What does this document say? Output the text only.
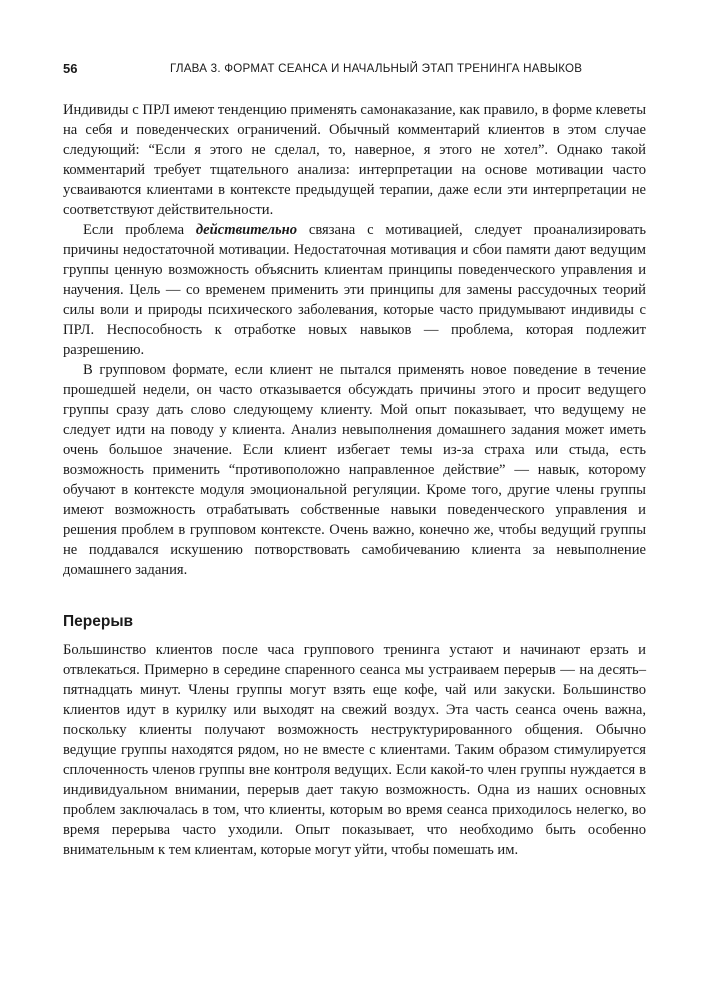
56	ГЛАВА 3. ФОРМАТ СЕАНСА И НАЧАЛЬНЫЙ ЭТАП ТРЕНИНГА НАВЫКОВ

Индивиды с ПРЛ имеют тенденцию применять самонаказание, как правило, в форме клеветы на себя и поведенческих ограничений. Обычный комментарий клиентов в этом случае следующий: “Если я этого не сделал, то, наверное, я этого не хотел”. Однако такой комментарий требует тщательного анализа: интерпретации на основе мотивации часто усваиваются клиентами в контексте предыдущей терапии, даже если эти интерпретации не соответствуют действительности.

Если проблема действительно связана с мотивацией, следует проанализировать причины недостаточной мотивации. Недостаточная мотивация и сбои памяти дают ведущим группы ценную возможность объяснить клиентам принципы поведенческого управления и научения. Цель — со временем применить эти принципы для замены рассудочных теорий силы воли и природы психического заболевания, которые часто придумывают индивиды с ПРЛ. Неспособность к отработке новых навыков — проблема, которая подлежит разрешению.

В групповом формате, если клиент не пытался применять новое поведение в течение прошедшей недели, он часто отказывается обсуждать причины этого и просит ведущего группы сразу дать слово следующему клиенту. Мой опыт показывает, что ведущему не следует идти на поводу у клиента. Анализ невыполнения домашнего задания может иметь очень большое значение. Если клиент избегает темы из-за страха или стыда, есть возможность применить “противоположно направленное действие” — навык, которому обучают в контексте модуля эмоциональной регуляции. Кроме того, другие члены группы имеют возможность отрабатывать собственные навыки поведенческого управления и решения проблем в групповом контексте. Очень важно, конечно же, чтобы ведущий группы не поддавался искушению потворствовать самобичеванию клиента за невыполнение домашнего задания.

Перерыв

Большинство клиентов после часа группового тренинга устают и начинают ерзать и отвлекаться. Примерно в середине спаренного сеанса мы устраиваем перерыв — на десять–пятнадцать минут. Члены группы могут взять еще кофе, чай или закуски. Большинство клиентов идут в курилку или выходят на свежий воздух. Эта часть сеанса очень важна, поскольку клиенты получают возможность неструктурированного общения. Обычно ведущие группы находятся рядом, но не вместе с клиентами. Таким образом стимулируется сплоченность членов группы вне контроля ведущих. Если какой-то член группы нуждается в индивидуальном внимании, перерыв дает такую возможность. Одна из наших основных проблем заключалась в том, что клиенты, которым во время сеанса приходилось нелегко, во время перерыва часто уходили. Опыт показывает, что необходимо быть особенно внимательным к тем клиентам, которые могут уйти, чтобы помешать им.
